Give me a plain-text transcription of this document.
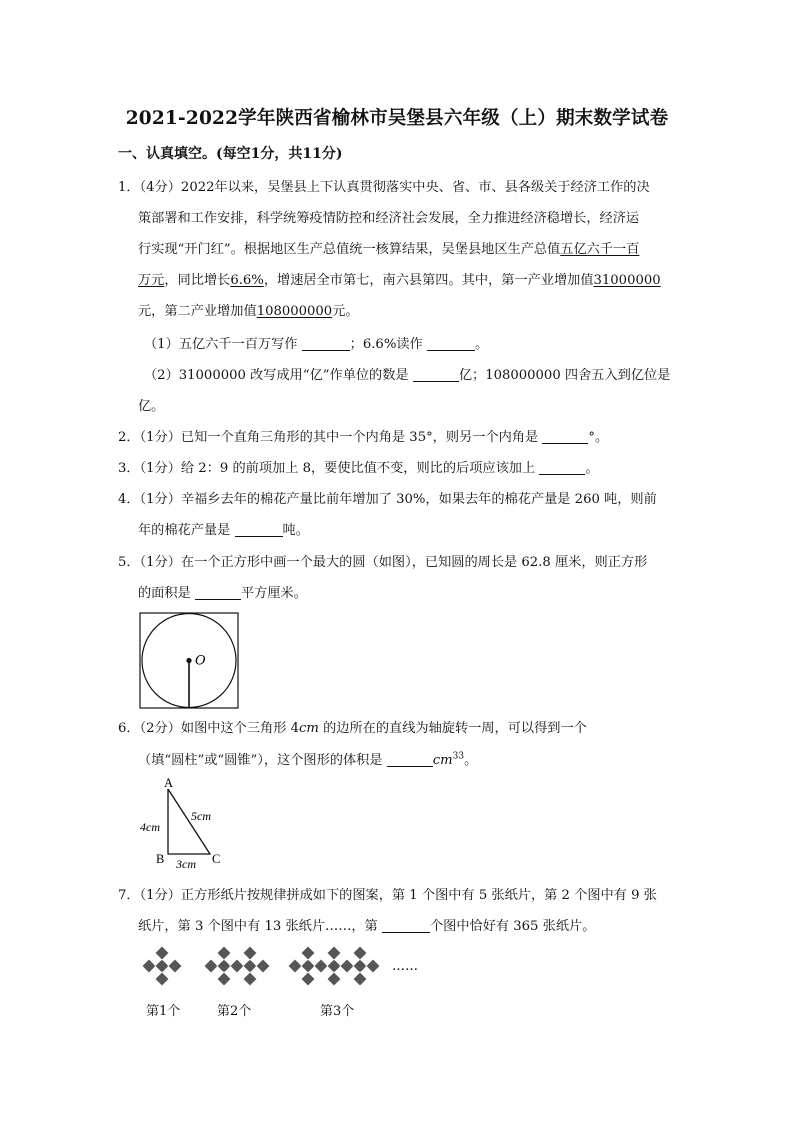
2021-2022学年陕西省榆林市吴堡县六年级（上）期末数学试卷
一、认真填空。(每空1分，共11分)
1．（4分）2022年以来，吴堡县上下认真贯彻落实中央、省、市、县各级关于经济工作的决
策部署和工作安排，科学统筹疫情防控和经济社会发展，全力推进经济稳增长，经济运
行实现“开门红”。根据地区生产总值统一核算结果，吴堡县地区生产总值五亿六千一百
万元，同比增长6.6%，增速居全市第七，南六县第四。其中，第一产业增加值31000000
元，第二产业增加值108000000元。
（1）五亿六千一百万写作	；6.6%读作	。
（2）31000000 改写成用“亿”作单位的数是	亿；108000000 四舍五入到亿位是
亿。
2．（1分）已知一个直角三角形的其中一个内角是 35°，则另一个内角是	°。
3．（1分）给 2：9 的前项加上 8，要使比值不变，则比的后项应该加上	。
4．（1分）辛福乡去年的棉花产量比前年增加了 30%，如果去年的棉花产量是 260 吨，则前
年的棉花产量是	吨。
5．（1分）在一个正方形中画一个最大的圆（如图），已知圆的周长是 62.8 厘米，则正方形
的面积是	平方厘米。
O
6．（2分）如图中这个三角形 4cm 的边所在的直线为轴旋转一周，可以得到一个
（填“圆柱”或“圆锥”），这个图形的体积是	$cm^{33}$。
A
B	C
4cm
5cm
3cm
7．（1分）正方形纸片按规律拼成如下的图案，第 1 个图中有 5 张纸片，第 2 个图中有 9 张
纸片，第 3 个图中有 13 张纸片……，第	个图中恰好有 365 张纸片。
……
第1个	第2个	第3个
